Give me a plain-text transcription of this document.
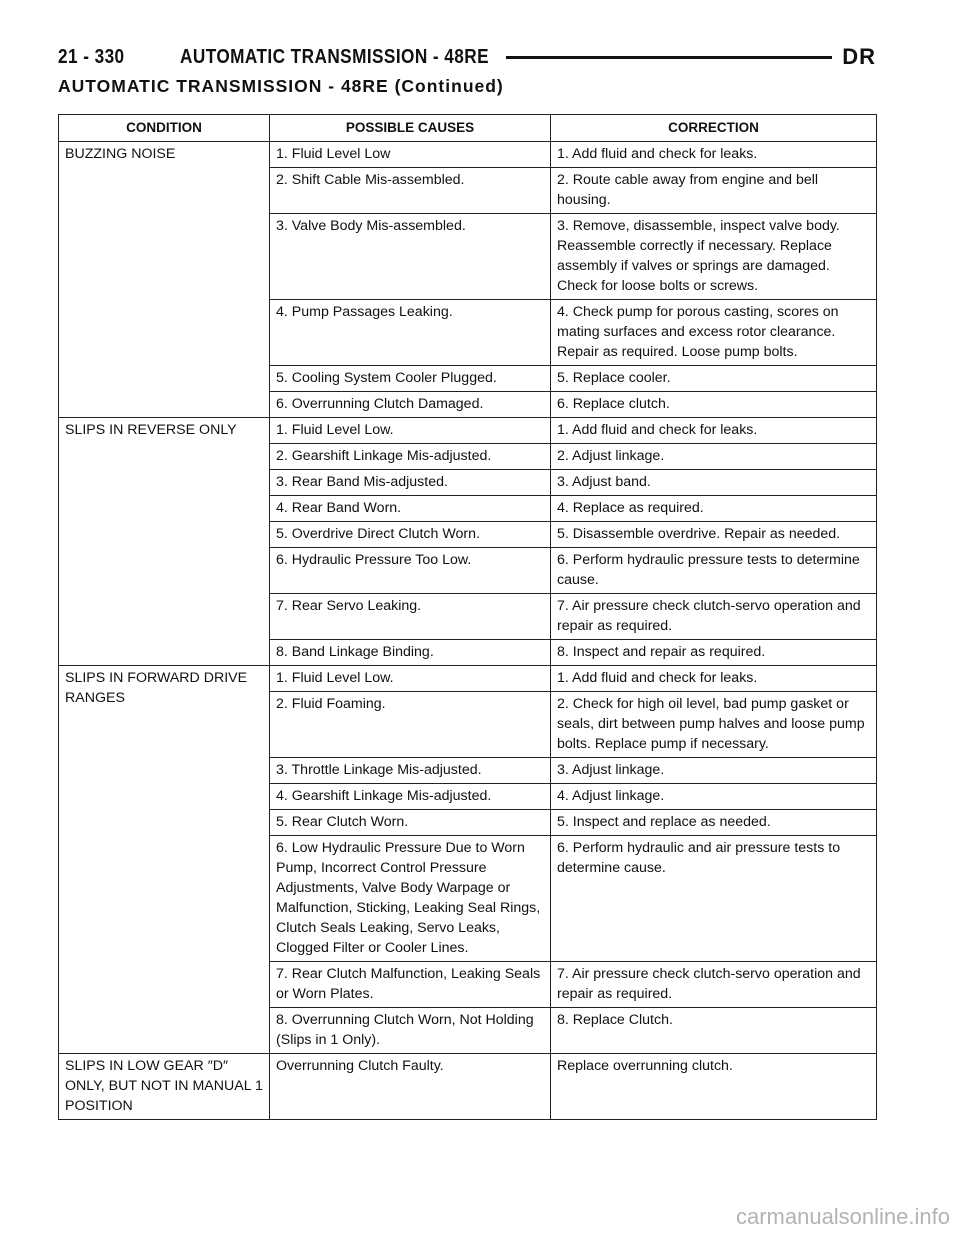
21 - 330	AUTOMATIC TRANSMISSION - 48RE	DR
AUTOMATIC TRANSMISSION - 48RE (Continued)
CONDITION	POSSIBLE CAUSES	CORRECTION
BUZZING NOISE	1. Fluid Level Low	1. Add fluid and check for leaks.
	2. Shift Cable Mis-assembled.	2. Route cable away from engine and bell housing.
	3. Valve Body Mis-assembled.	3. Remove, disassemble, inspect valve body. Reassemble correctly if necessary. Replace assembly if valves or springs are damaged. Check for loose bolts or screws.
	4. Pump Passages Leaking.	4. Check pump for porous casting, scores on mating surfaces and excess rotor clearance. Repair as required. Loose pump bolts.
	5. Cooling System Cooler Plugged.	5. Replace cooler.
	6. Overrunning Clutch Damaged.	6. Replace clutch.
SLIPS IN REVERSE ONLY	1. Fluid Level Low.	1. Add fluid and check for leaks.
	2. Gearshift Linkage Mis-adjusted.	2. Adjust linkage.
	3. Rear Band Mis-adjusted.	3. Adjust band.
	4. Rear Band Worn.	4. Replace as required.
	5. Overdrive Direct Clutch Worn.	5. Disassemble overdrive. Repair as needed.
	6. Hydraulic Pressure Too Low.	6. Perform hydraulic pressure tests to determine cause.
	7. Rear Servo Leaking.	7. Air pressure check clutch-servo operation and repair as required.
	8. Band Linkage Binding.	8. Inspect and repair as required.
SLIPS IN FORWARD DRIVE RANGES	1. Fluid Level Low.	1. Add fluid and check for leaks.
	2. Fluid Foaming.	2. Check for high oil level, bad pump gasket or seals, dirt between pump halves and loose pump bolts. Replace pump if necessary.
	3. Throttle Linkage Mis-adjusted.	3. Adjust linkage.
	4. Gearshift Linkage Mis-adjusted.	4. Adjust linkage.
	5. Rear Clutch Worn.	5. Inspect and replace as needed.
	6. Low Hydraulic Pressure Due to Worn Pump, Incorrect Control Pressure Adjustments, Valve Body Warpage or Malfunction, Sticking, Leaking Seal Rings, Clutch Seals Leaking, Servo Leaks, Clogged Filter or Cooler Lines.	6. Perform hydraulic and air pressure tests to determine cause.
	7. Rear Clutch Malfunction, Leaking Seals or Worn Plates.	7. Air pressure check clutch-servo operation and repair as required.
	8. Overrunning Clutch Worn, Not Holding (Slips in 1 Only).	8. Replace Clutch.
SLIPS IN LOW GEAR ″D″ ONLY, BUT NOT IN MANUAL 1 POSITION	Overrunning Clutch Faulty.	Replace overrunning clutch.
carmanualsonline.info
